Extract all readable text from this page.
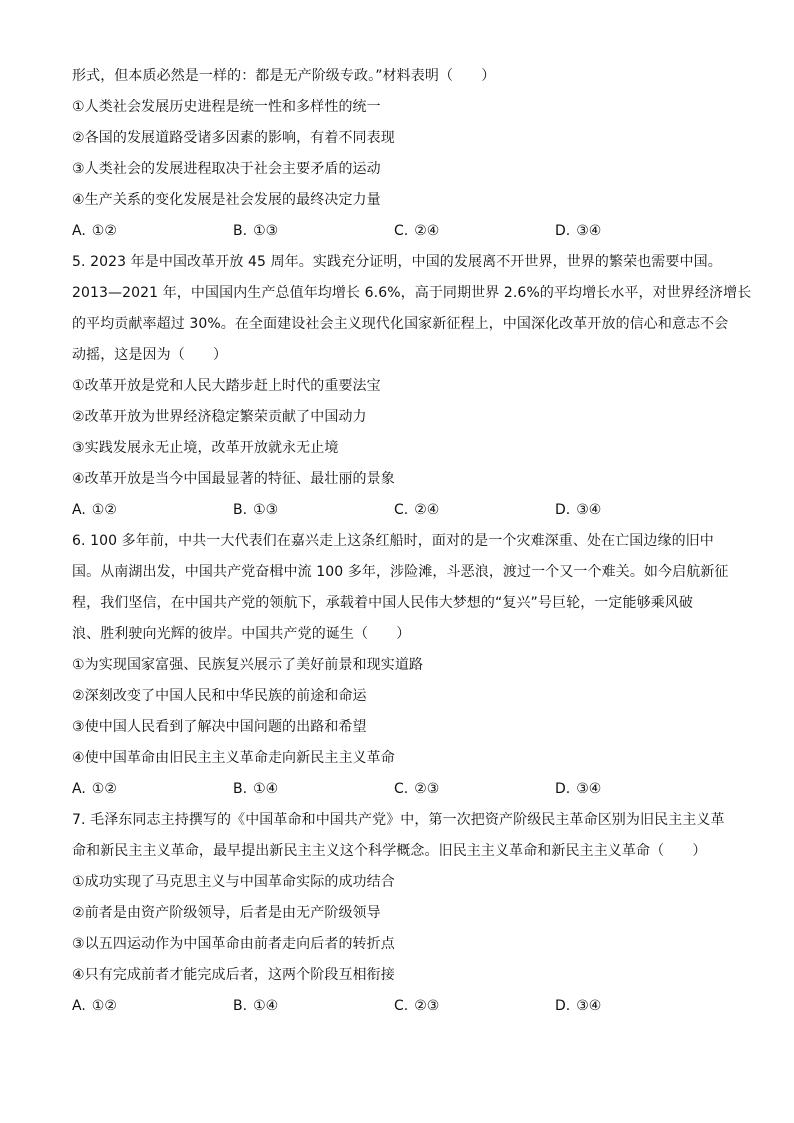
形式，但本质必然是一样的：都是无产阶级专政。”材料表明（　　）
①人类社会发展历史进程是统一性和多样性的统一
②各国的发展道路受诸多因素的影响，有着不同表现
③人类社会的发展进程取决于社会主要矛盾的运动
④生产关系的变化发展是社会发展的最终决定力量
A. ①②	B. ①③	C. ②④	D. ③④
5. 2023 年是中国改革开放 45 周年。实践充分证明，中国的发展离不开世界，世界的繁荣也需要中国。
2013—2021 年，中国国内生产总值年均增长 6.6%，高于同期世界 2.6%的平均增长水平，对世界经济增长
的平均贡献率超过 30%。在全面建设社会主义现代化国家新征程上，中国深化改革开放的信心和意志不会
动摇，这是因为（　　）
①改革开放是党和人民大踏步赶上时代的重要法宝
②改革开放为世界经济稳定繁荣贡献了中国动力
③实践发展永无止境，改革开放就永无止境
④改革开放是当今中国最显著的特征、最壮丽的景象
A. ①②	B. ①③	C. ②④	D. ③④
6. 100 多年前，中共一大代表们在嘉兴走上这条红船时，面对的是一个灾难深重、处在亡国边缘的旧中
国。从南湖出发，中国共产党奋楫中流 100 多年，涉险滩，斗恶浪，渡过一个又一个难关。如今启航新征
程，我们坚信，在中国共产党的领航下，承载着中国人民伟大梦想的“复兴”号巨轮，一定能够乘风破
浪、胜利驶向光辉的彼岸。中国共产党的诞生（　　）
①为实现国家富强、民族复兴展示了美好前景和现实道路
②深刻改变了中国人民和中华民族的前途和命运
③使中国人民看到了解决中国问题的出路和希望
④使中国革命由旧民主主义革命走向新民主主义革命
A. ①②	B. ①④	C. ②③	D. ③④
7. 毛泽东同志主持撰写的《中国革命和中国共产党》中，第一次把资产阶级民主革命区别为旧民主主义革
命和新民主主义革命，最早提出新民主主义这个科学概念。旧民主主义革命和新民主主义革命（　　）
①成功实现了马克思主义与中国革命实际的成功结合
②前者是由资产阶级领导，后者是由无产阶级领导
③以五四运动作为中国革命由前者走向后者的转折点
④只有完成前者才能完成后者，这两个阶段互相衔接
A. ①②	B. ①④	C. ②③	D. ③④
